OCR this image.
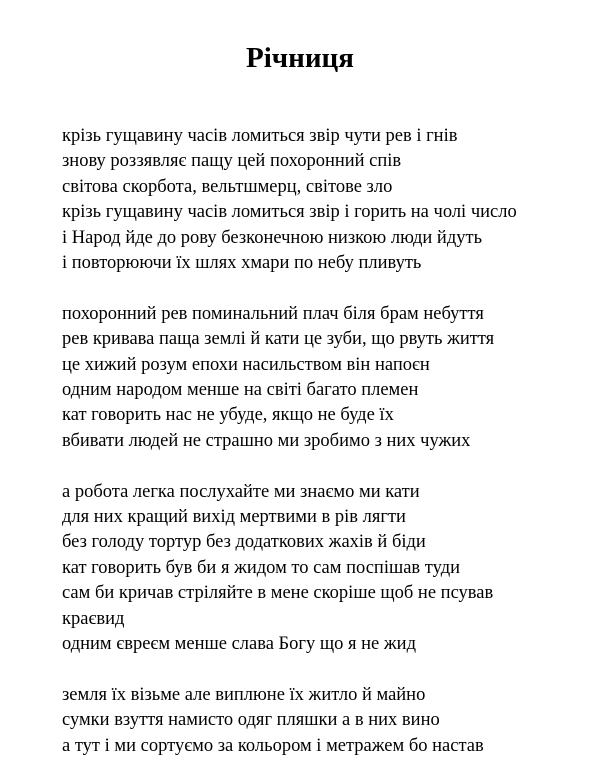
Річниця
крізь гущавину часів ломиться звір чути рев і гнів
знову роззявляє пащу цей похоронний спів
світова скорбота, вельтшмерц, світове зло
крізь гущавину часів ломиться звір і горить на чолі число
і Народ йде до рову безконечною низкою люди йдуть
і повторюючи їх шлях хмари по небу пливуть
похоронний рев поминальний плач біля брам небуття
рев кривава паща землі й кати це зуби, що рвуть життя
це хижий розум епохи насильством він напоєн
одним народом менше на світі багато племен
кат говорить нас не убуде, якщо не буде їх
вбивати людей не страшно ми зробимо з них чужих
а робота легка послухайте ми знаємо ми кати
для них кращий вихід мертвими в рів лягти
без голоду тортур без додаткових жахів й біди
кат говорить був би я жидом то сам поспішав туди
сам би кричав стріляйте в мене скоріше щоб не псував
краєвид
одним євреєм менше слава Богу що я не жид
земля їх візьме але виплюне їх житло й майно
сумки взуття намисто одяг пляшки а в них вино
а тут і ми сортуємо за кольором і метражем бо настав
